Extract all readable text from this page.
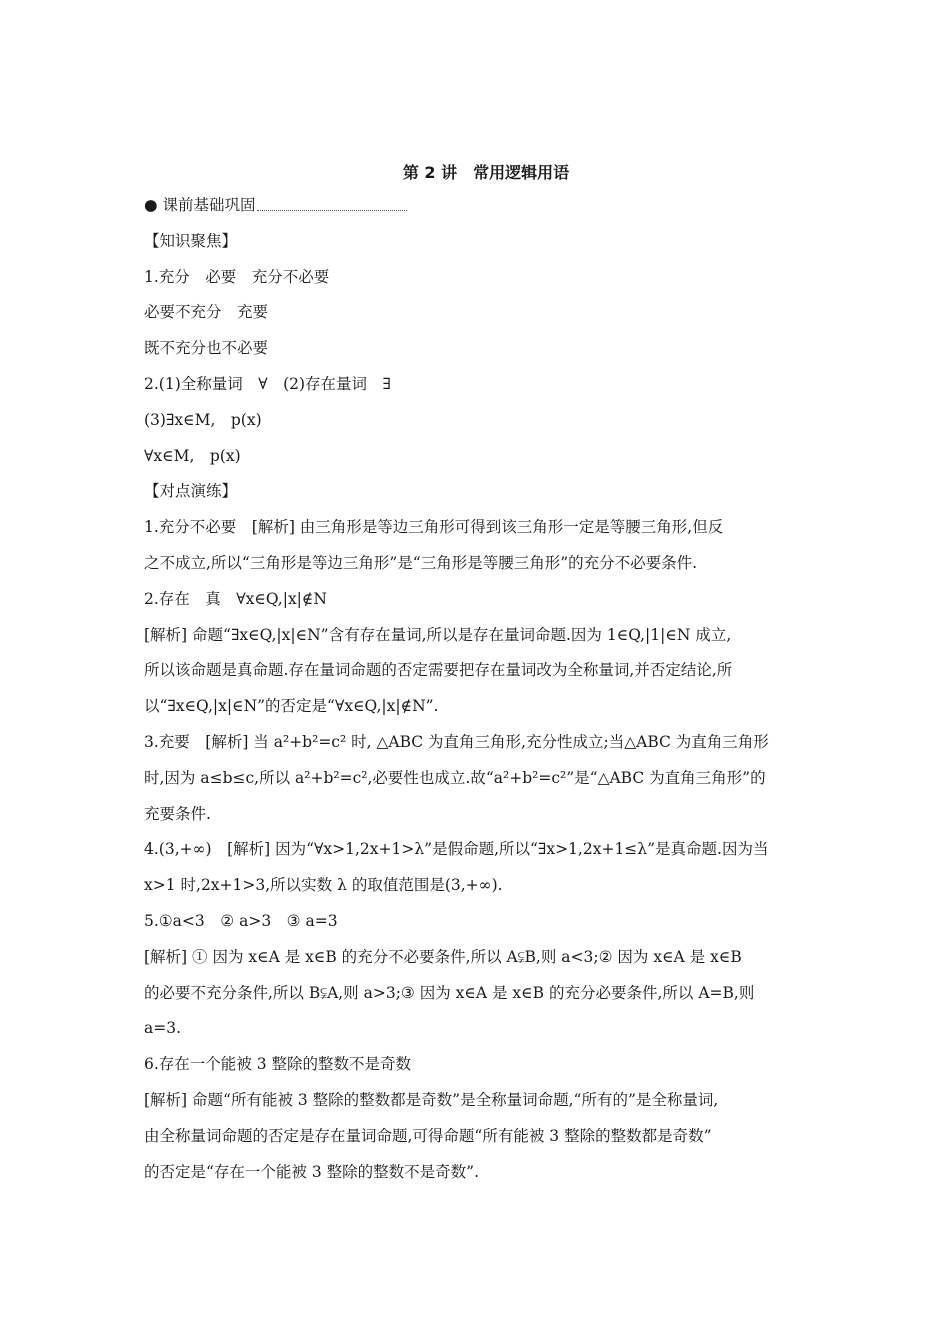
第 2 讲　常用逻辑用语
● 课前基础巩固
【知识聚焦】
1.充分　必要　充分不必要
必要不充分　充要
既不充分也不必要
2.(1)全称量词　∀　(2)存在量词　∃
(3)∃x∈M,　p(x)
∀x∈M,　p(x)
【对点演练】
1.充分不必要　[解析] 由三角形是等边三角形可得到该三角形一定是等腰三角形,但反
之不成立,所以“三角形是等边三角形”是“三角形是等腰三角形”的充分不必要条件.
2.存在　真　∀x∈Q,|x|∉N
[解析] 命题“∃x∈Q,|x|∈N”含有存在量词,所以是存在量词命题.因为 1∈Q,|1|∈N 成立,
所以该命题是真命题.存在量词命题的否定需要把存在量词改为全称量词,并否定结论,所
以“∃x∈Q,|x|∈N”的否定是“∀x∈Q,|x|∉N”.
3.充要　[解析] 当 a²+b²=c² 时, △ABC 为直角三角形,充分性成立;当△ABC 为直角三角形
时,因为 a≤b≤c,所以 a²+b²=c²,必要性也成立.故“a²+b²=c²”是“△ABC 为直角三角形”的
充要条件.
4.(3,+∞)　[解析] 因为“∀x>1,2x+1>λ”是假命题,所以“∃x>1,2x+1≤λ”是真命题.因为当
x>1 时,2x+1>3,所以实数 λ 的取值范围是(3,+∞).
5.①a<3　② a>3　③ a=3
[解析] ① 因为 x∈A 是 x∈B 的充分不必要条件,所以 A⫋B,则 a<3;② 因为 x∈A 是 x∈B
的必要不充分条件,所以 B⫋A,则 a>3;③ 因为 x∈A 是 x∈B 的充分必要条件,所以 A=B,则
a=3.
6.存在一个能被 3 整除的整数不是奇数
[解析] 命题“所有能被 3 整除的整数都是奇数”是全称量词命题,“所有的”是全称量词,
由全称量词命题的否定是存在量词命题,可得命题“所有能被 3 整除的整数都是奇数”
的否定是“存在一个能被 3 整除的整数不是奇数”.
